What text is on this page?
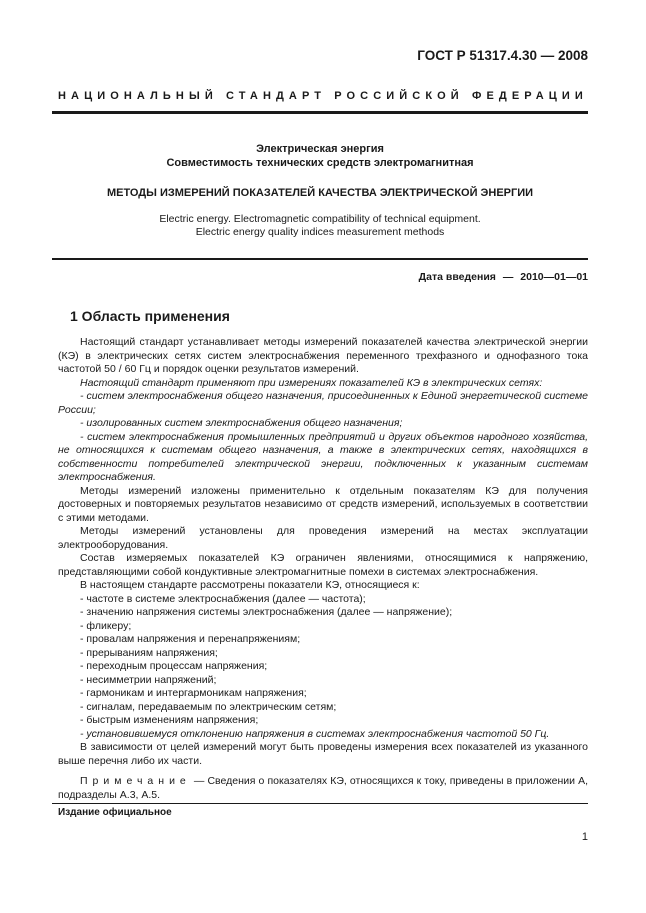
ГОСТ Р 51317.4.30 — 2008
НАЦИОНАЛЬНЫЙ СТАНДАРТ РОССИЙСКОЙ ФЕДЕРАЦИИ
Электрическая энергия
Совместимость технических средств электромагнитная
МЕТОДЫ ИЗМЕРЕНИЙ ПОКАЗАТЕЛЕЙ КАЧЕСТВА ЭЛЕКТРИЧЕСКОЙ ЭНЕРГИИ
Electric energy. Electromagnetic compatibility of technical equipment.
Electric energy quality indices measurement methods
Дата введения — 2010—01—01
1 Область применения

Настоящий стандарт устанавливает методы измерений показателей качества электрической энергии (КЭ) в электрических сетях систем электроснабжения переменного трехфазного и однофазного тока частотой 50 / 60 Гц и порядок оценки результатов измерений.

Настоящий стандарт применяют при измерениях показателей КЭ в электрических сетях:

- систем электроснабжения общего назначения, присоединенных к Единой энергетической системе России;

- изолированных систем электроснабжения общего назначения;

- систем электроснабжения промышленных предприятий и других объектов народного хозяйства, не относящихся к системам общего назначения, а также в электрических сетях, находящихся в собственности потребителей электрической энергии, подключенных к указанным системам электроснабжения.

Методы измерений изложены применительно к отдельным показателям КЭ для получения достоверных и повторяемых результатов независимо от средств измерений, используемых в соответствии с этими методами.

Методы измерений установлены для проведения измерений на местах эксплуатации электрооборудования.

Состав измеряемых показателей КЭ ограничен явлениями, относящимися к напряжению, представляющими собой кондуктивные электромагнитные помехи в системах электроснабжения.

В настоящем стандарте рассмотрены показатели КЭ, относящиеся к:

- частоте в системе электроснабжения (далее — частота);

- значению напряжения системы электроснабжения (далее — напряжение);

- фликеру;

- провалам напряжения и перенапряжениям;

- прерываниям напряжения;

- переходным процессам напряжения;

- несимметрии напряжений;

- гармоникам и интергармоникам напряжения;

- сигналам, передаваемым по электрическим сетям;

- быстрым изменениям напряжения;

- установившемуся отклонению напряжения в системах электроснабжения частотой 50 Гц.

В зависимости от целей измерений могут быть проведены измерения всех показателей из указанного выше перечня либо их части.

Примечание — Сведения о показателях КЭ, относящихся к току, приведены в приложении А, подразделы А.3, А.5.

Издание официальное
1
